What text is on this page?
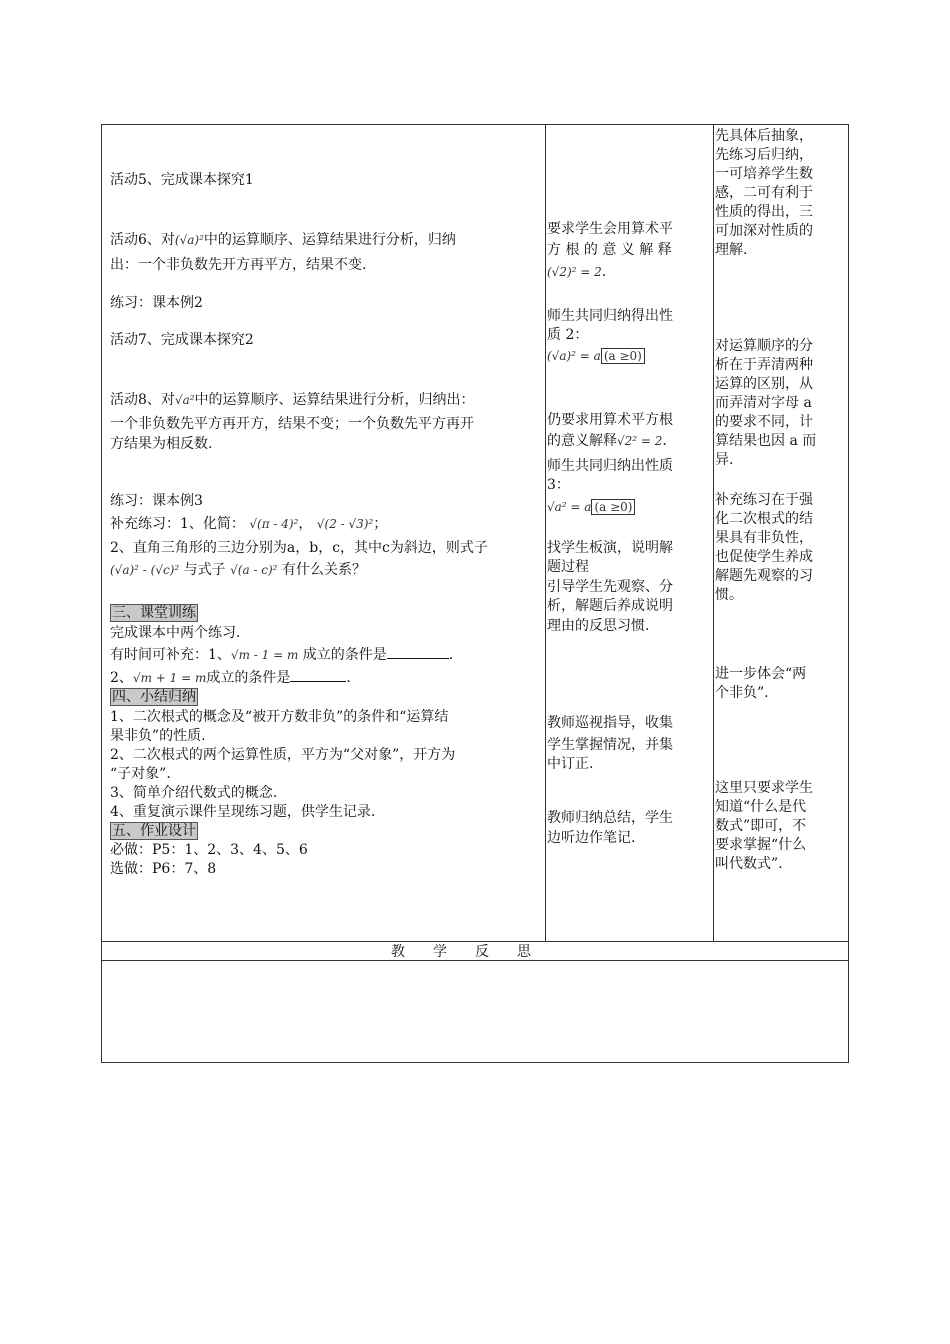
活动5、完成课本探究1

活动6、对(√a)²中的运算顺序、运算结果进行分析，归纳

出：一个非负数先开方再平方，结果不变.

练习：课本例2

活动7、完成课本探究2

活动8、对√a²中的运算顺序、运算结果进行分析，归纳出：

一个非负数先平方再开方，结果不变；一个负数先平方再开

方结果为相反数.

练习：课本例3

补充练习：1、化简： √(π - 4)²， √(2 - √3)²；

2、直角三角形的三边分别为a，b，c，其中c为斜边，则式子

(√a)² - (√c)² 与式子 √(a - c)² 有什么关系？

三、课堂训练

完成课本中两个练习.

有时间可补充：1、√m - 1 = m 成立的条件是	.

2、√m + 1 = m成立的条件是	.

四、小结归纳

1、二次根式的概念及“被开方数非负”的条件和“运算结

果非负”的性质.

2、二次根式的两个运算性质，平方为“父对象”，开方为

“子对象”.

3、简单介绍代数式的概念.

4、重复演示课件呈现练习题，供学生记录.

五、作业设计

必做：P5：1、2、3、4、5、6

选做：P6：7、8

要求学生会用算术平

方 根 的 意 义 解 释

(√2)² = 2.

师生共同归纳得出性

质 2：

(√a)² = a (a ≥0)

仍要求用算术平方根

的意义解释√2² = 2.

师生共同归纳出性质

3：

√a² = a (a ≥0)

找学生板演，说明解

题过程

引导学生先观察、分

析，解题后养成说明

理由的反思习惯.

教师巡视指导，收集

学生掌握情况，并集

中订正.

教师归纳总结，学生

边听边作笔记.

先具体后抽象，

先练习后归纳，

一可培养学生数

感，二可有利于

性质的得出，三

可加深对性质的

理解.

对运算顺序的分

析在于弄清两种

运算的区别，从

而弄清对字母 a

的要求不同，计

算结果也因 a 而

异.

补充练习在于强

化二次根式的结

果具有非负性，

也促使学生养成

解题先观察的习

惯。

进一步体会“两

个非负”.

这里只要求学生

知道“什么是代

数式”即可，不

要求掌握“什么

叫代数式”.

教学反思
